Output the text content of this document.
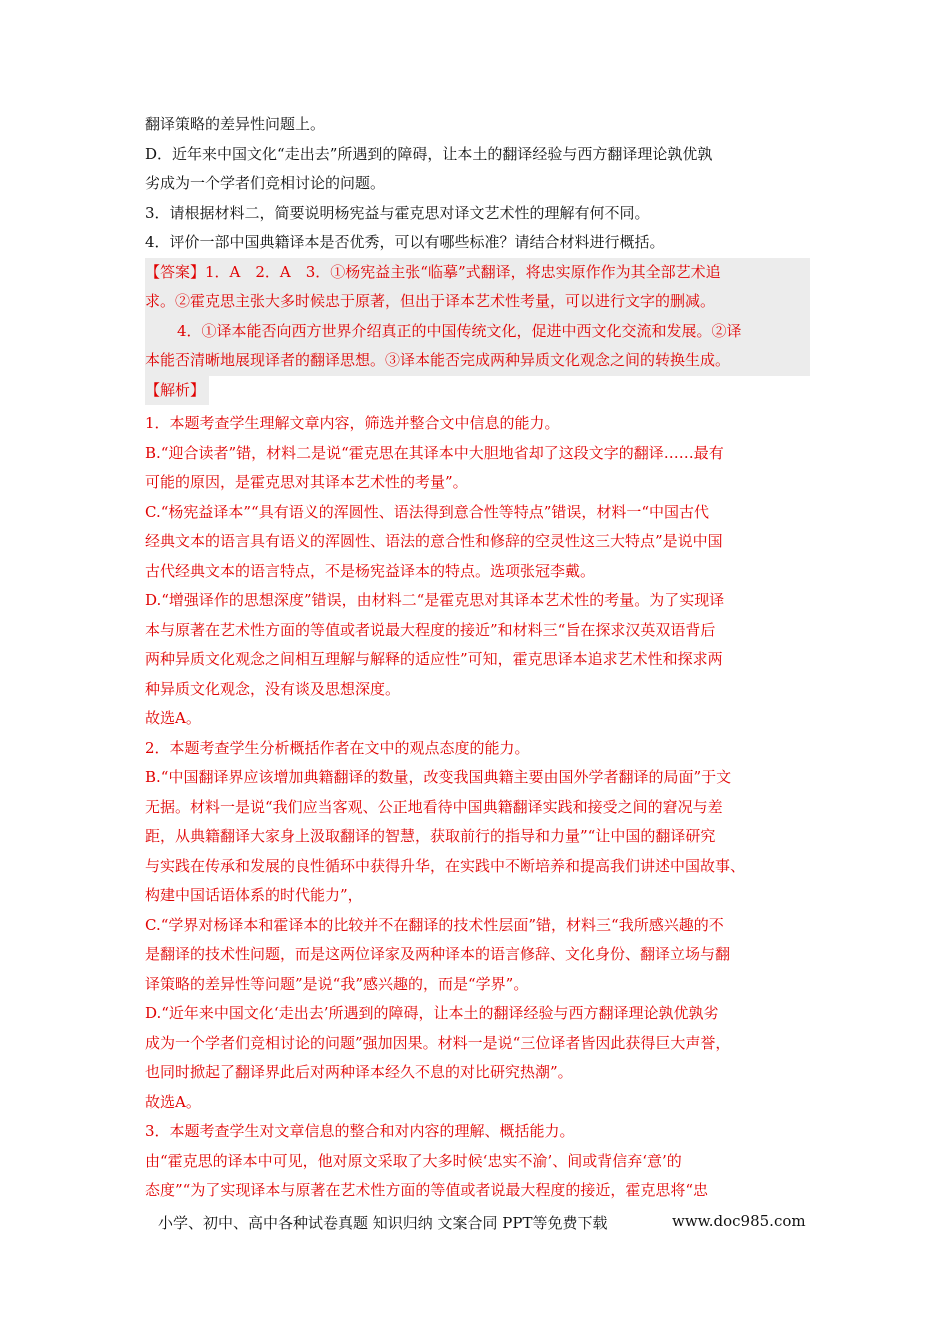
翻译策略的差异性问题上。

D．近年来中国文化“走出去”所遇到的障碍，让本土的翻译经验与西方翻译理论孰优孰

劣成为一个学者们竞相讨论的问题。

3．请根据材料二，简要说明杨宪益与霍克思对译文艺术性的理解有何不同。

4．评价一部中国典籍译本是否优秀，可以有哪些标准？请结合材料进行概括。

【答案】1．A　2．A　3．①杨宪益主张“临摹”式翻译，将忠实原作作为其全部艺术追

求。②霍克思主张大多时候忠于原著，但出于译本艺术性考量，可以进行文字的删减。

4．①译本能否向西方世界介绍真正的中国传统文化，促进中西文化交流和发展。②译

本能否清晰地展现译者的翻译思想。③译本能否完成两种异质文化观念之间的转换生成。

【解析】

1．本题考查学生理解文章内容，筛选并整合文中信息的能力。

B.“迎合读者”错，材料二是说“霍克思在其译本中大胆地省却了这段文字的翻译……最有

可能的原因，是霍克思对其译本艺术性的考量”。

C.“杨宪益译本”“具有语义的浑圆性、语法得到意合性等特点”错误，材料一“中国古代

经典文本的语言具有语义的浑圆性、语法的意合性和修辞的空灵性这三大特点”是说中国

古代经典文本的语言特点，不是杨宪益译本的特点。选项张冠李戴。

D.“增强译作的思想深度”错误，由材料二“是霍克思对其译本艺术性的考量。为了实现译

本与原著在艺术性方面的等值或者说最大程度的接近”和材料三“旨在探求汉英双语背后

两种异质文化观念之间相互理解与解释的适应性”可知，霍克思译本追求艺术性和探求两

种异质文化观念，没有谈及思想深度。

故选A。

2．本题考查学生分析概括作者在文中的观点态度的能力。

B.“中国翻译界应该增加典籍翻译的数量，改变我国典籍主要由国外学者翻译的局面”于文

无据。材料一是说“我们应当客观、公正地看待中国典籍翻译实践和接受之间的窘况与差

距，从典籍翻译大家身上汲取翻译的智慧，获取前行的指导和力量”“让中国的翻译研究

与实践在传承和发展的良性循环中获得升华，在实践中不断培养和提高我们讲述中国故事、

构建中国话语体系的时代能力”，

C.“学界对杨译本和霍译本的比较并不在翻译的技术性层面”错，材料三“我所感兴趣的不

是翻译的技术性问题，而是这两位译家及两种译本的语言修辞、文化身份、翻译立场与翻

译策略的差异性等问题”是说“我”感兴趣的，而是“学界”。

D.“近年来中国文化‘走出去’所遇到的障碍，让本土的翻译经验与西方翻译理论孰优孰劣

成为一个学者们竞相讨论的问题”强加因果。材料一是说“三位译者皆因此获得巨大声誉，

也同时掀起了翻译界此后对两种译本经久不息的对比研究热潮”。

故选A。

3．本题考查学生对文章信息的整合和对内容的理解、概括能力。

由“霍克思的译本中可见，他对原文采取了大多时候‘忠实不渝’、间或背信弃‘意’的

态度”“为了实现译本与原著在艺术性方面的等值或者说最大程度的接近，霍克思将“忠

小学、初中、高中各种试卷真题 知识归纳 文案合同 PPT等免费下载	www.doc985.com
